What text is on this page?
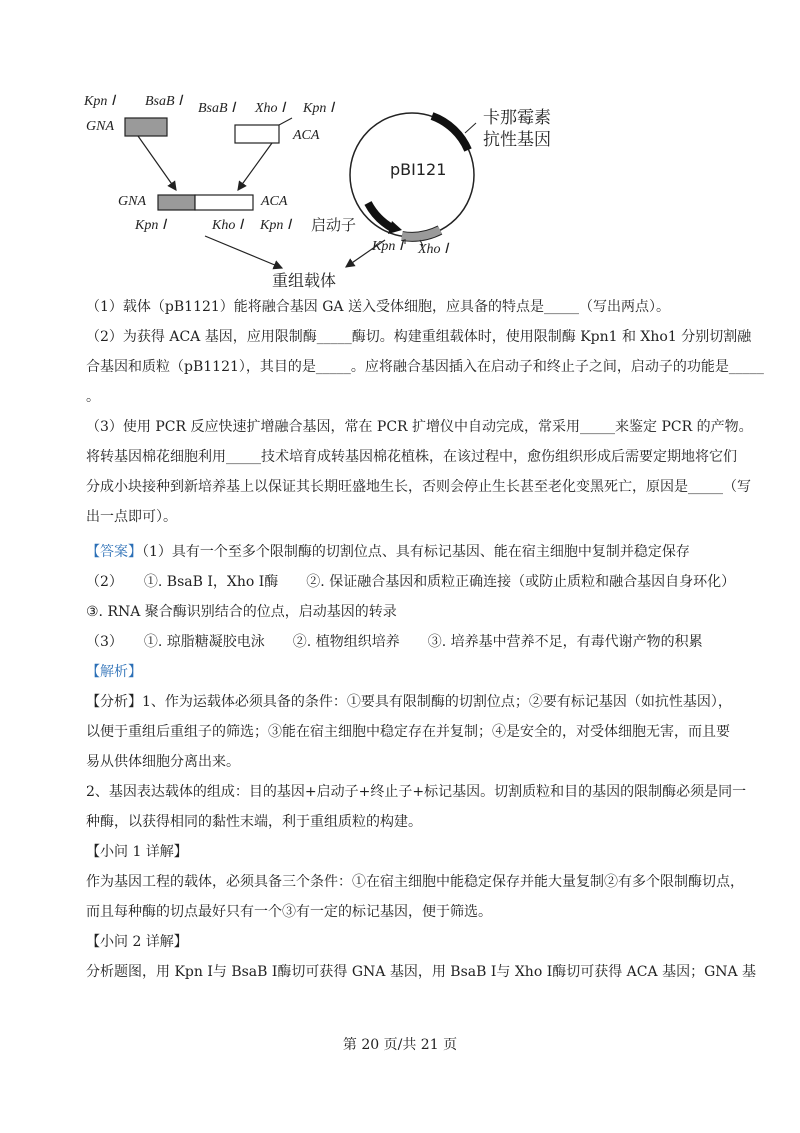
Kpn Ⅰ BsaB Ⅰ
GNA
BsaB Ⅰ Xho Ⅰ Kpn Ⅰ
ACA
GNA	ACA
Kpn Ⅰ	Kho Ⅰ Kpn Ⅰ
pBI121
卡那霉素
抗性基因
启动子
Kpn Ⅰ Xho Ⅰ
重组载体
（1）载体（pB1121）能将融合基因 GA 送入受体细胞，应具备的特点是_____（写出两点）。
（2）为获得 ACA 基因，应用限制酶_____酶切。构建重组载体时，使用限制酶 Kpn1 和 Xho1 分别切割融
合基因和质粒（pB1121），其目的是_____。应将融合基因插入在启动子和终止子之间，启动子的功能是_____
。
（3）使用 PCR 反应快速扩增融合基因，常在 PCR 扩增仪中自动完成，常采用_____来鉴定 PCR 的产物。
将转基因棉花细胞利用_____技术培育成转基因棉花植株，在该过程中，愈伤组织形成后需要定期地将它们
分成小块接种到新培养基上以保证其长期旺盛地生长，否则会停止生长甚至老化变黑死亡，原因是_____（写
出一点即可）。
【答案】（1）具有一个至多个限制酶的切割位点、具有标记基因、能在宿主细胞中复制并稳定保存
（2）　　①. BsaB Ⅰ，Xho Ⅰ酶　　②. 保证融合基因和质粒正确连接（或防止质粒和融合基因自身环化）
③. RNA 聚合酶识别结合的位点，启动基因的转录
（3）　　①. 琼脂糖凝胶电泳　　②. 植物组织培养　　③. 培养基中营养不足，有毒代谢产物的积累
【解析】
【分析】1、作为运载体必须具备的条件：①要具有限制酶的切割位点；②要有标记基因（如抗性基因），
以便于重组后重组子的筛选；③能在宿主细胞中稳定存在并复制；④是安全的，对受体细胞无害，而且要
易从供体细胞分离出来。
2、基因表达载体的组成：目的基因+启动子+终止子+标记基因。切割质粒和目的基因的限制酶必须是同一
种酶，以获得相同的黏性末端，利于重组质粒的构建。
【小问 1 详解】
作为基因工程的载体，必须具备三个条件：①在宿主细胞中能稳定保存并能大量复制②有多个限制酶切点，
而且每种酶的切点最好只有一个③有一定的标记基因，便于筛选。
【小问 2 详解】
分析题图，用 Kpn Ⅰ与 BsaB Ⅰ酶切可获得 GNA 基因，用 BsaB Ⅰ与 Xho Ⅰ酶切可获得 ACA 基因；GNA 基
第 20 页/共 21 页
